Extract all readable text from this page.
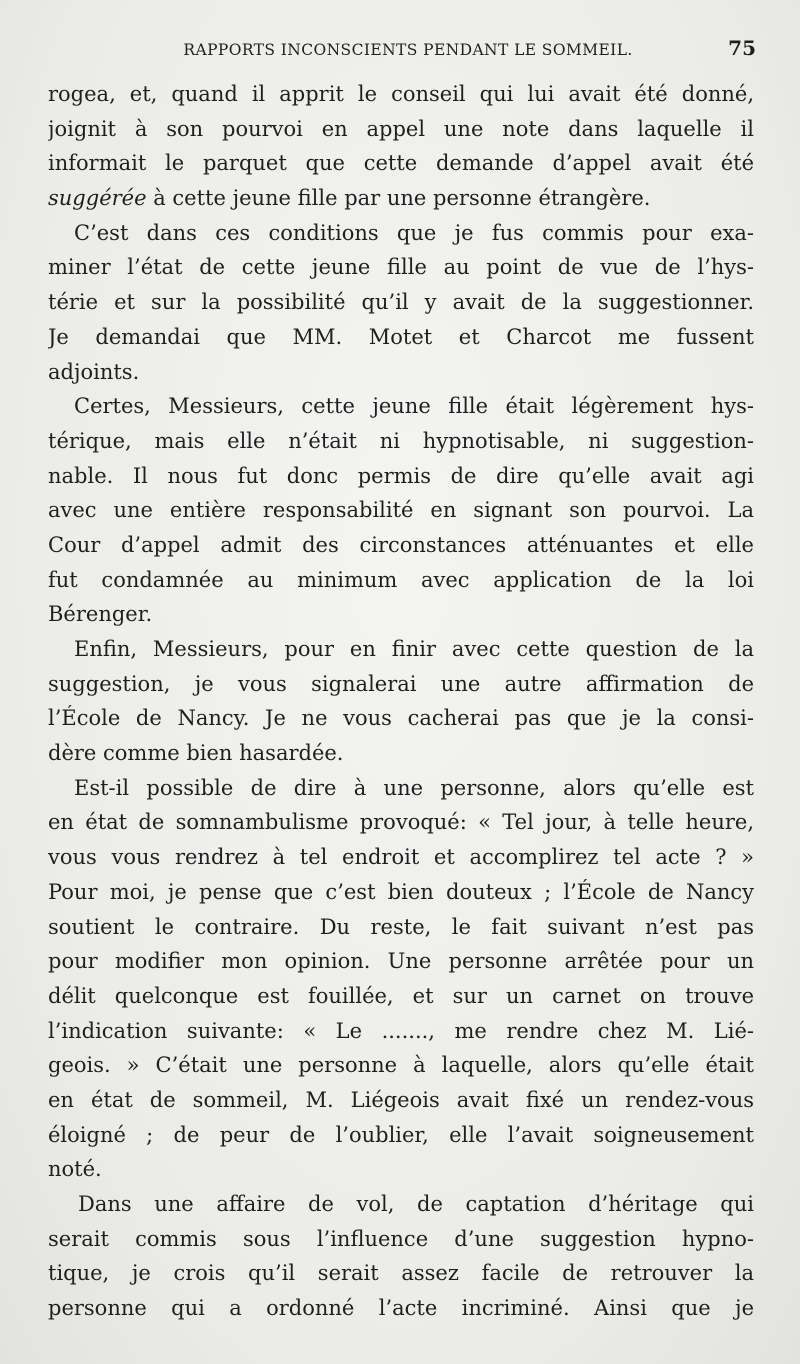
RAPPORTS INCONSCIENTS PENDANT LE SOMMEIL.	75
rogea, et, quand il apprit le conseil qui lui avait été donné,
joignit à son pourvoi en appel une note dans laquelle il
informait le parquet que cette demande d’appel avait été
suggérée à cette jeune fille par une personne étrangère.
C’est dans ces conditions que je fus commis pour exa-
miner l’état de cette jeune fille au point de vue de l’hys-
térie et sur la possibilité qu’il y avait de la suggestionner.
Je demandai que MM. Motet et Charcot me fussent
adjoints.
Certes, Messieurs, cette jeune fille était légèrement hys-
térique, mais elle n’était ni hypnotisable, ni suggestion-
nable. Il nous fut donc permis de dire qu’elle avait agi
avec une entière responsabilité en signant son pourvoi. La
Cour d’appel admit des circonstances atténuantes et elle
fut condamnée au minimum avec application de la loi
Bérenger.
Enfin, Messieurs, pour en finir avec cette question de la
suggestion, je vous signalerai une autre affirmation de
l’École de Nancy. Je ne vous cacherai pas que je la consi-
dère comme bien hasardée.
Est-il possible de dire à une personne, alors qu’elle est
en état de somnambulisme provoqué: « Tel jour, à telle heure,
vous vous rendrez à tel endroit et accomplirez tel acte ? »
Pour moi, je pense que c’est bien douteux ; l’École de Nancy
soutient le contraire. Du reste, le fait suivant n’est pas
pour modifier mon opinion. Une personne arrêtée pour un
délit quelconque est fouillée, et sur un carnet on trouve
l’indication suivante: « Le ......., me rendre chez M. Lié-
geois. » C’était une personne à laquelle, alors qu’elle était
en état de sommeil, M. Liégeois avait fixé un rendez-vous
éloigné ; de peur de l’oublier, elle l’avait soigneusement
noté.
Dans une affaire de vol, de captation d’héritage qui
serait commis sous l’influence d’une suggestion hypno-
tique, je crois qu’il serait assez facile de retrouver la
personne qui a ordonné l’acte incriminé. Ainsi que je
